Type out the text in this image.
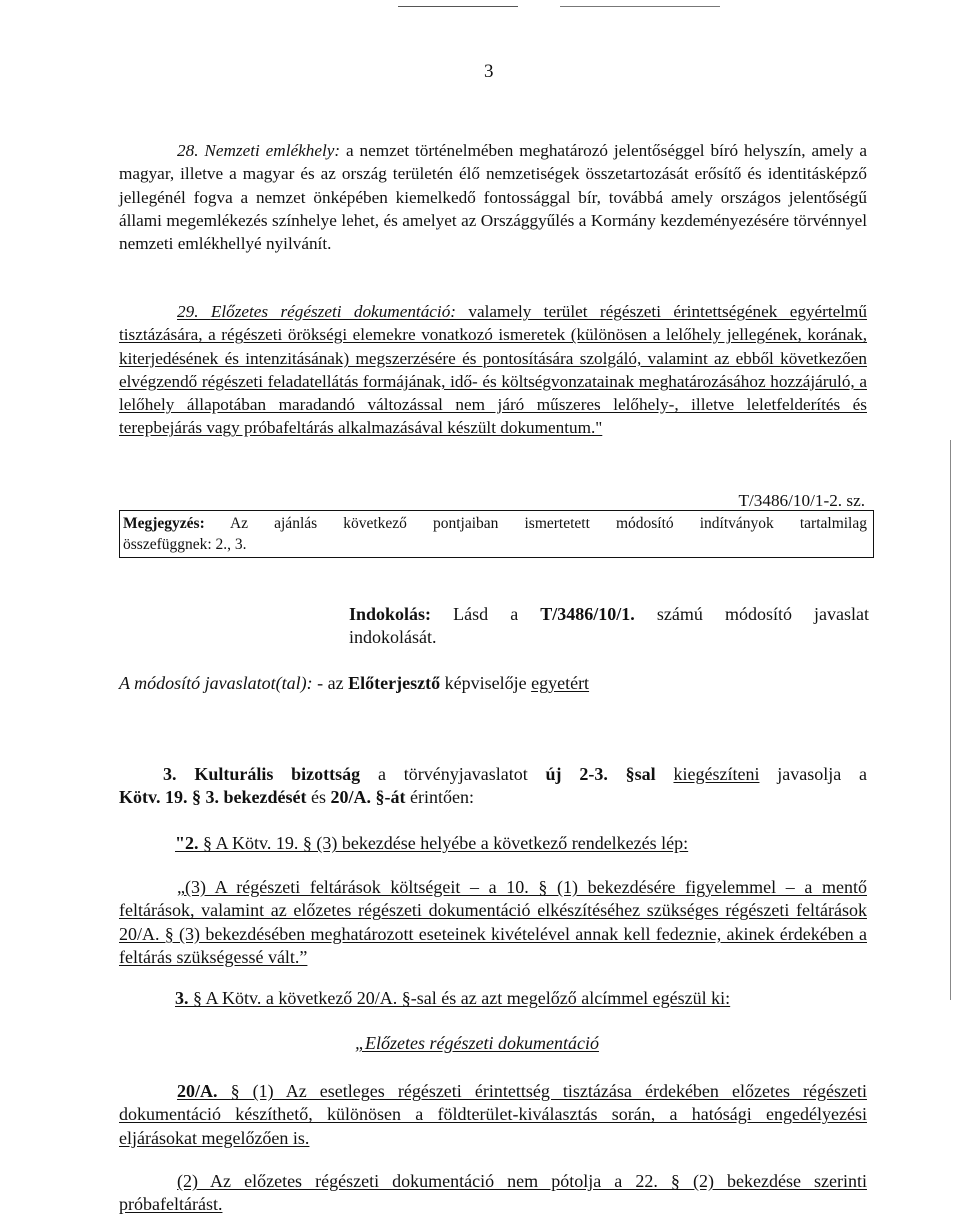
3
28. Nemzeti emlékhely: a nemzet történelmében meghatározó jelentőséggel bíró helyszín, amely a magyar, illetve a magyar és az ország területén élő nemzetiségek összetartozását erősítő és identitásképző jellegénél fogva a nemzet önképében kiemelkedő fontossággal bír, továbbá amely országos jelentőségű állami megemlékezés színhelye lehet, és amelyet az Országgyűlés a Kormány kezdeményezésére törvénnyel nemzeti emlékhellyé nyilvánít.
29. Előzetes régészeti dokumentáció: valamely terület régészeti érintettségének egyértelmű tisztázására, a régészeti örökségi elemekre vonatkozó ismeretek (különösen a lelőhely jellegének, korának, kiterjedésének és intenzitásának) megszerzésére és pontosítására szolgáló, valamint az ebből következően elvégzendő régészeti feladatellátás formájának, idő- és költségvonzatainak meghatározásához hozzájáruló, a lelőhely állapotában maradandó változással nem járó műszeres lelőhely-, illetve leletfelderítés és terepbejárás vagy próbafeltárás alkalmazásával készült dokumentum."
T/3486/10/1-2. sz.
Megjegyzés: Az ajánlás következő pontjaiban ismertetett módosító indítványok tartalmilag
összefüggnek: 2., 3.
Indokolás: Lásd a T/3486/10/1. számú módosító javaslat
indokolását.
A módosító javaslatot(tal): - az Előterjesztő képviselője egyetért
3. Kulturális bizottság a törvényjavaslatot új 2-3. §sal kiegészíteni javasolja a
Kötv. 19. § 3. bekezdését és 20/A. §-át érintően:
"2. § A Kötv. 19. § (3) bekezdése helyébe a következő rendelkezés lép:
„(3) A régészeti feltárások költségeit – a 10. § (1) bekezdésére figyelemmel – a mentő feltárások, valamint az előzetes régészeti dokumentáció elkészítéséhez szükséges régészeti feltárások 20/A. § (3) bekezdésében meghatározott eseteinek kivételével annak kell fedeznie, akinek érdekében a feltárás szükségessé vált.”
3. § A Kötv. a következő 20/A. §-sal és az azt megelőző alcímmel egészül ki:
„Előzetes régészeti dokumentáció
20/A. § (1) Az esetleges régészeti érintettség tisztázása érdekében előzetes régészeti dokumentáció készíthető, különösen a földterület-kiválasztás során, a hatósági engedélyezési eljárásokat megelőzően is.
(2) Az előzetes régészeti dokumentáció nem pótolja a 22. § (2) bekezdése szerinti próbafeltárást.
